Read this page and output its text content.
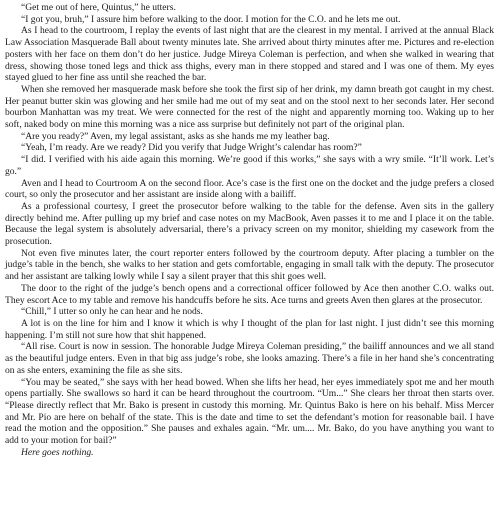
“Get me out of here, Quintus,” he utters.

“I got you, bruh,” I assure him before walking to the door. I motion for the C.O. and he lets me out.

As I head to the courtroom, I replay the events of last night that are the clearest in my mental. I arrived at the annual Black Law Association Masquerade Ball about twenty minutes late. She arrived about thirty minutes after me. Pictures and re-election posters with her face on them don’t do her justice. Judge Mireya Coleman is perfection, and when she walked in wearing that dress, showing those toned legs and thick ass thighs, every man in there stopped and stared and I was one of them. My eyes stayed glued to her fine ass until she reached the bar.

When she removed her masquerade mask before she took the first sip of her drink, my damn breath got caught in my chest. Her peanut butter skin was glowing and her smile had me out of my seat and on the stool next to her seconds later. Her second bourbon Manhattan was my treat. We were connected for the rest of the night and apparently morning too. Waking up to her soft, naked body on mine this morning was a nice ass surprise but definitely not part of the original plan.

“Are you ready?” Aven, my legal assistant, asks as she hands me my leather bag.

“Yeah, I’m ready. Are we ready? Did you verify that Judge Wright’s calendar has room?”

“I did. I verified with his aide again this morning. We’re good if this works,” she says with a wry smile. “It’ll work. Let’s go.”

Aven and I head to Courtroom A on the second floor. Ace’s case is the first one on the docket and the judge prefers a closed court, so only the prosecutor and her assistant are inside along with a bailiff.

As a professional courtesy, I greet the prosecutor before walking to the table for the defense. Aven sits in the gallery directly behind me. After pulling up my brief and case notes on my MacBook, Aven passes it to me and I place it on the table. Because the legal system is absolutely adversarial, there’s a privacy screen on my monitor, shielding my casework from the prosecution.

Not even five minutes later, the court reporter enters followed by the courtroom deputy. After placing a tumbler on the judge’s table in the bench, she walks to her station and gets comfortable, engaging in small talk with the deputy. The prosecutor and her assistant are talking lowly while I say a silent prayer that this shit goes well.

The door to the right of the judge’s bench opens and a correctional officer followed by Ace then another C.O. walks out. They escort Ace to my table and remove his handcuffs before he sits. Ace turns and greets Aven then glares at the prosecutor.

“Chill,” I utter so only he can hear and he nods.

A lot is on the line for him and I know it which is why I thought of the plan for last night. I just didn’t see this morning happening. I’m still not sure how that shit happened.

“All rise. Court is now in session. The honorable Judge Mireya Coleman presiding,” the bailiff announces and we all stand as the beautiful judge enters. Even in that big ass judge’s robe, she looks amazing. There’s a file in her hand she’s concentrating on as she enters, examining the file as she sits.

“You may be seated,” she says with her head bowed. When she lifts her head, her eyes immediately spot me and her mouth opens partially. She swallows so hard it can be heard throughout the courtroom. “Um...” She clears her throat then starts over. “Please directly reflect that Mr. Bako is present in custody this morning. Mr. Quintus Bako is here on his behalf. Miss Mercer and Mr. Pio are here on behalf of the state. This is the date and time to set the defendant’s motion for reasonable bail. I have read the motion and the opposition.” She pauses and exhales again. “Mr. um.... Mr. Bako, do you have anything you want to add to your motion for bail?”

Here goes nothing.
